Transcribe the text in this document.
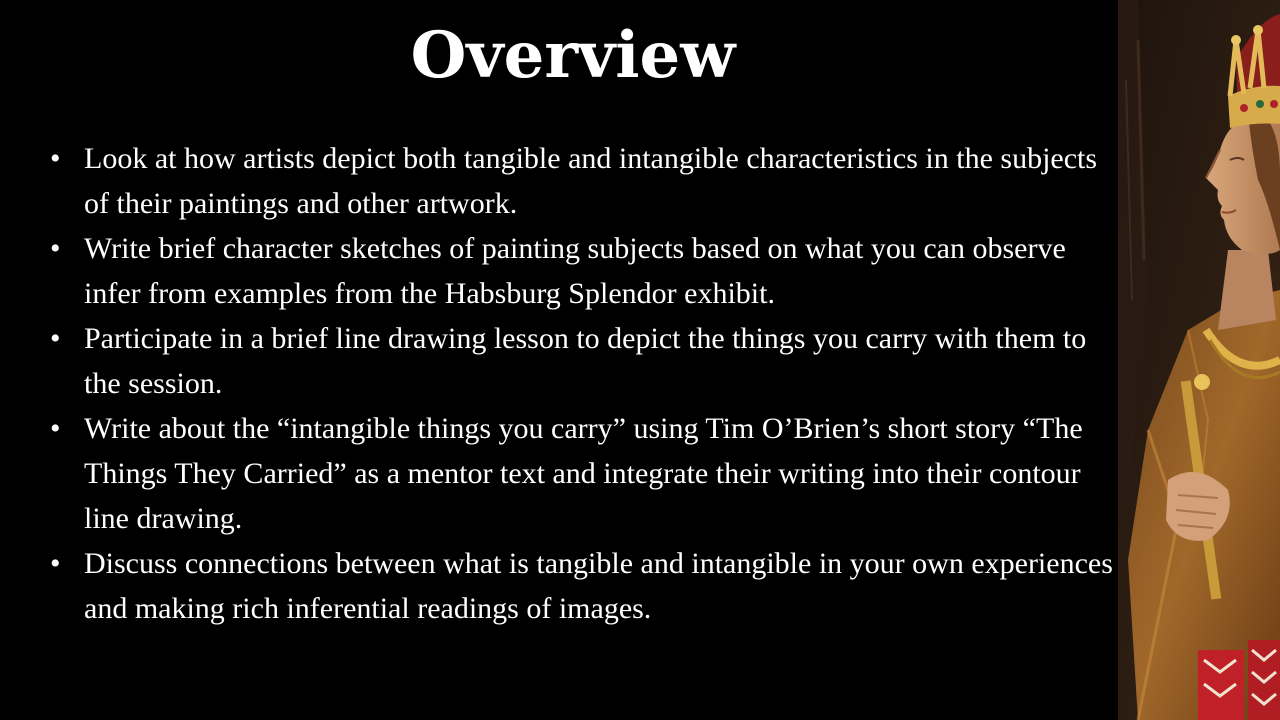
Overview
• Look at how artists depict both tangible and intangible characteristics in the subjects of their paintings and other artwork.
• Write brief character sketches of painting subjects based on what you can observe infer from examples from the Habsburg Splendor exhibit.
• Participate in a brief line drawing lesson to depict the things you carry with them to the session.
• Write about the “intangible things you carry” using Tim O’Brien’s short story “The Things They Carried” as a mentor text and integrate their writing into their contour line drawing.
• Discuss connections between what is tangible and intangible in your own experiences and making rich inferential readings of images.
